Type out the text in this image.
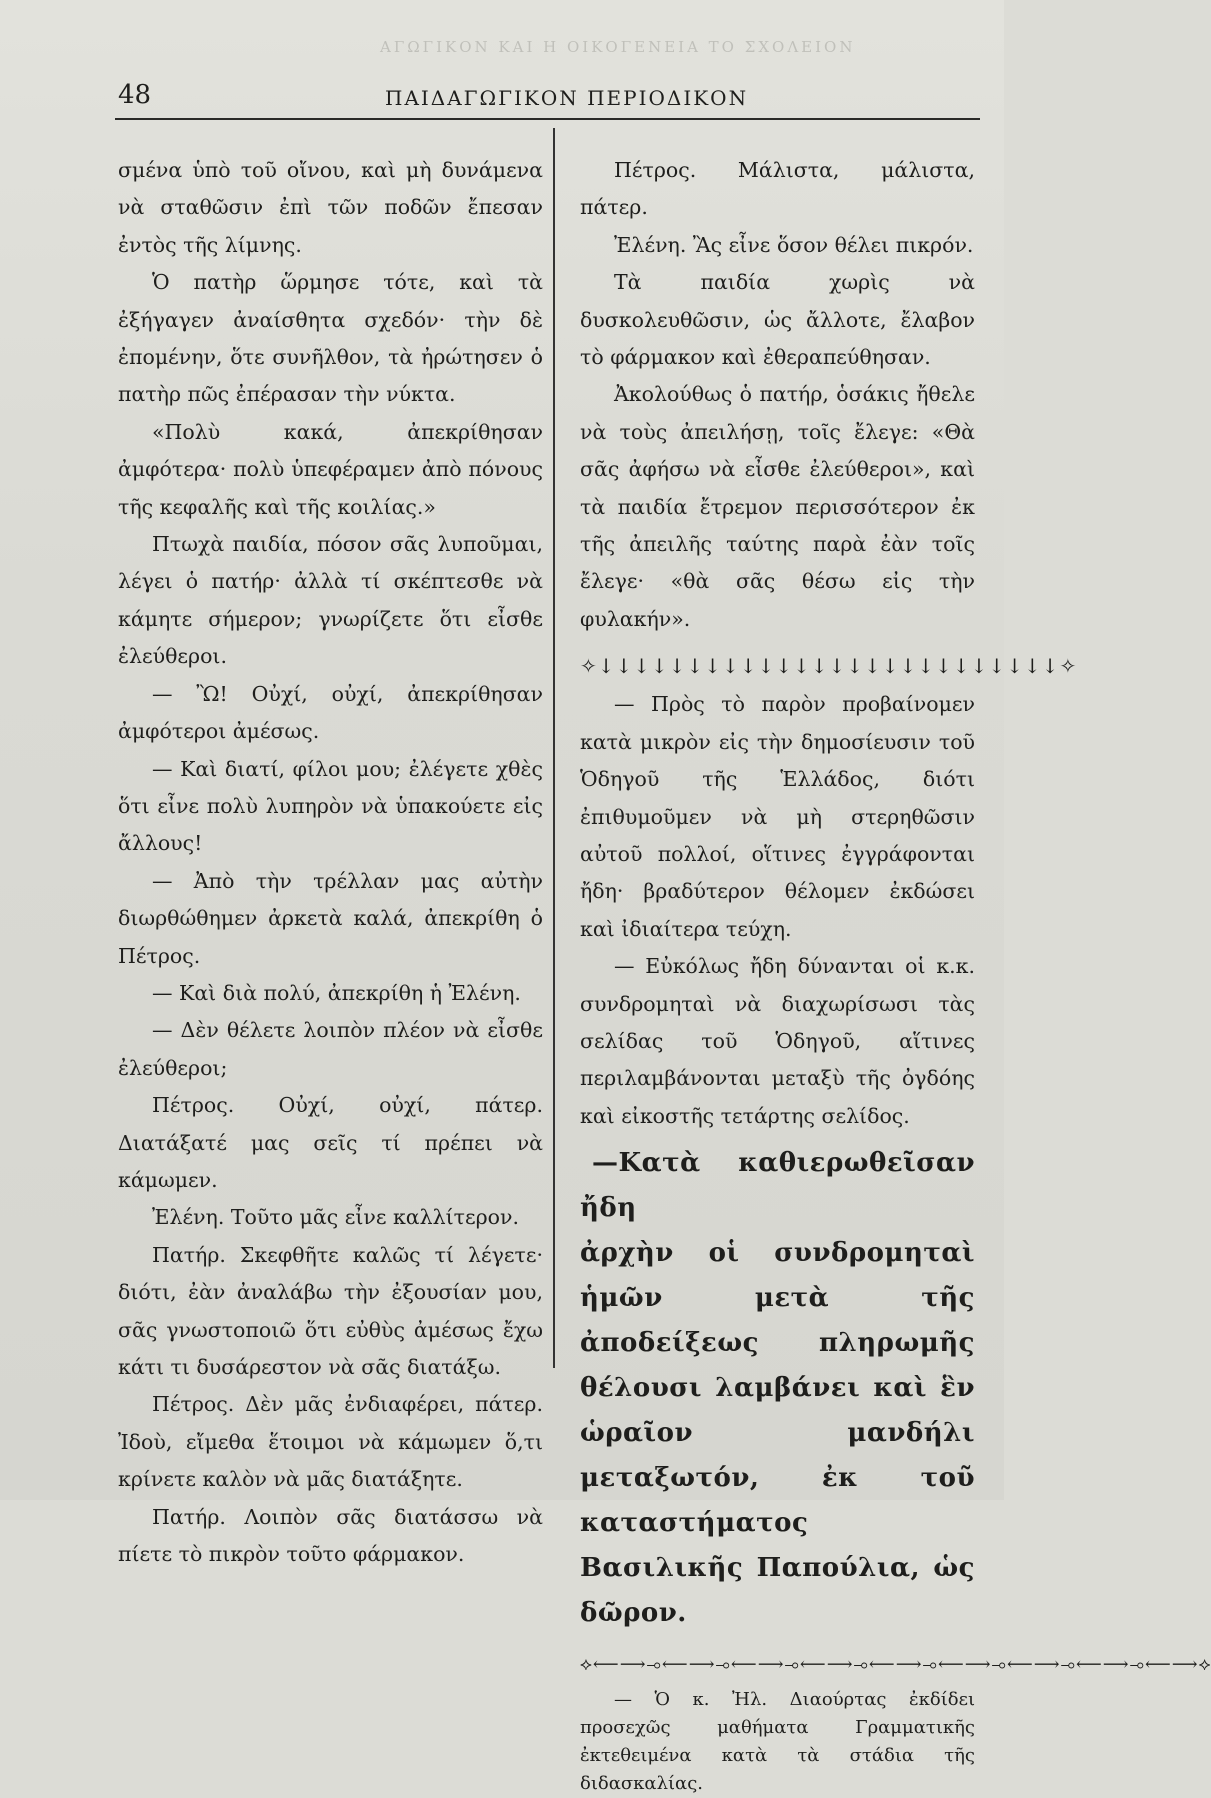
ΑΓΩΓΙΚΟΝ ΚΑΙ Η ΟΙΚΟΓΕΝΕΙΑ ΤΟ ΣΧΟΛΕΙΟΝ
48	ΠΑΙΔΑΓΩΓΙΚΟΝ ΠΕΡΙΟΔΙΚΟΝ

σμένα ὑπὸ τοῦ οἴνου, καὶ μὴ δυνάμενα νὰ σταθῶσιν ἐπὶ τῶν ποδῶν ἔπεσαν ἐντὸς τῆς λίμνης.

Ὁ πατὴρ ὥρμησε τότε, καὶ τὰ ἐξήγαγεν ἀναίσθητα σχεδόν· τὴν δὲ ἐπομένην, ὅτε συνῆλθον, τὰ ἠρώτησεν ὁ πατὴρ πῶς ἐπέρασαν τὴν νύκτα.

«Πολὺ κακά, ἀπεκρίθησαν ἀμφότερα· πολὺ ὑπεφέραμεν ἀπὸ πόνους τῆς κεφαλῆς καὶ τῆς κοιλίας.»

Πτωχὰ παιδία, πόσον σᾶς λυποῦμαι, λέγει ὁ πατήρ· ἀλλὰ τί σκέπτεσθε νὰ κάμητε σήμερον; γνωρίζετε ὅτι εἶσθε ἐλεύθεροι.

— Ὢ! Οὐχί, οὐχί, ἀπεκρίθησαν ἀμφότεροι ἀμέσως.

— Καὶ διατί, φίλοι μου; ἐλέγετε χθὲς ὅτι εἶνε πολὺ λυπηρὸν νὰ ὑπακούετε εἰς ἄλλους!

— Ἀπὸ τὴν τρέλλαν μας αὐτὴν διωρθώθημεν ἀρκετὰ καλά, ἀπεκρίθη ὁ Πέτρος.

— Καὶ διὰ πολύ, ἀπεκρίθη ἡ Ἐλένη.

— Δὲν θέλετε λοιπὸν πλέον νὰ εἶσθε ἐλεύθεροι;

Πέτρος. Οὐχί, οὐχί, πάτερ. Διατάξατέ μας σεῖς τί πρέπει νὰ κάμωμεν.

Ἐλένη. Τοῦτο μᾶς εἶνε καλλίτερον.

Πατήρ. Σκεφθῆτε καλῶς τί λέγετε· διότι, ἐὰν ἀναλάβω τὴν ἐξουσίαν μου, σᾶς γνωστοποιῶ ὅτι εὐθὺς ἀμέσως ἔχω κάτι τι δυσάρεστον νὰ σᾶς διατάξω.

Πέτρος. Δὲν μᾶς ἐνδιαφέρει, πάτερ. Ἰδοὺ, εἴμεθα ἕτοιμοι νὰ κάμωμεν ὅ,τι κρίνετε καλὸν νὰ μᾶς διατάξητε.

Πατήρ. Λοιπὸν σᾶς διατάσσω νὰ πίετε τὸ πικρὸν τοῦτο φάρμακον.

Πέτρος. Μάλιστα, μάλιστα, πάτερ.

Ἐλένη. Ἂς εἶνε ὅσον θέλει πικρόν.

Τὰ παιδία χωρὶς νὰ δυσκολευθῶσιν, ὡς ἄλλοτε, ἔλαβον τὸ φάρμακον καὶ ἐθεραπεύθησαν.

Ἀκολούθως ὁ πατήρ, ὁσάκις ἤθελε νὰ τοὺς ἀπειλήσῃ, τοῖς ἔλεγε: «Θὰ σᾶς ἀφήσω νὰ εἶσθε ἐλεύθεροι», καὶ τὰ παιδία ἔτρεμον περισσότερον ἐκ τῆς ἀπειλῆς ταύτης παρὰ ἐὰν τοῖς ἔλεγε· «θὰ σᾶς θέσω εἰς τὴν φυλακήν».

✧↓↓↓↓↓↓↓↓↓↓↓↓↓↓↓↓↓↓↓↓↓↓↓↓↓↓✧

— Πρὸς τὸ παρὸν προβαίνομεν κατὰ μικρὸν εἰς τὴν δημοσίευσιν τοῦ Ὁδηγοῦ τῆς Ἑλλάδος, διότι ἐπιθυμοῦμεν νὰ μὴ στερηθῶσιν αὐτοῦ πολλοί, οἵτινες ἐγγράφονται ἤδη· βραδύτερον θέλομεν ἐκδώσει καὶ ἰδιαίτερα τεύχη.

— Εὐκόλως ἤδη δύνανται οἱ κ.κ. συνδρομηταὶ νὰ διαχωρίσωσι τὰς σελίδας τοῦ Ὁδηγοῦ, αἵτινες περιλαμβάνονται μεταξὺ τῆς ὀγδόης καὶ εἰκοστῆς τετάρτης σελίδος.

—Κατὰ καθιερωθεῖσαν ἤδη
ἀρχὴν οἱ συνδρομηταὶ ἡμῶν μετὰ τῆς ἀποδείξεως πληρωμῆς θέλουσι λαμβάνει καὶ ἓν ὡραῖον μανδήλι μεταξωτόν, ἐκ τοῦ καταστήματος Βασιλικῆς Παπούλια, ὡς δῶρον.
⟡⟵⟶⊸⟵⟶⊸⟵⟶⊸⟵⟶⊸⟵⟶⊸⟵⟶⊸⟵⟶⊸⟵⟶⊸⟵⟶⟡

— Ὁ κ. Ἠλ. Διαούρτας ἐκδίδει προσεχῶς μαθήματα Γραμματικῆς ἐκτεθειμένα κατὰ τὰ στάδια τῆς διδασκαλίας.
